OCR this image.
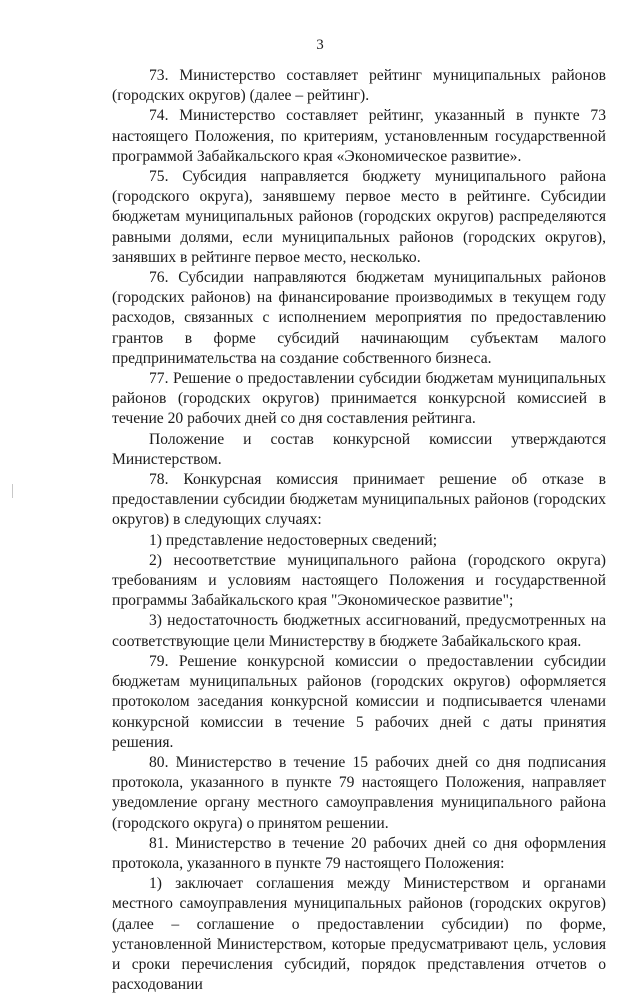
3

73. Министерство составляет рейтинг муниципальных районов (городских округов) (далее – рейтинг).

74. Министерство составляет рейтинг, указанный в пункте 73 настоящего Положения, по критериям, установленным государственной программой Забайкальского края «Экономическое развитие».

75. Субсидия направляется бюджету муниципального района (городского округа), занявшему первое место в рейтинге. Субсидии бюджетам муниципальных районов (городских округов) распределяются равными долями, если муниципальных районов (городских округов), занявших в рейтинге первое место, несколько.

76. Субсидии направляются бюджетам муниципальных районов (городских районов) на финансирование производимых в текущем году расходов, связанных с исполнением мероприятия по предоставлению грантов в форме субсидий начинающим субъектам малого предпринимательства на создание собственного бизнеса.

77. Решение о предоставлении субсидии бюджетам муниципальных районов (городских округов) принимается конкурсной комиссией в течение 20 рабочих дней со дня составления рейтинга.

Положение и состав конкурсной комиссии утверждаются Министерством.

78. Конкурсная комиссия принимает решение об отказе в предоставлении субсидии бюджетам муниципальных районов (городских округов) в следующих случаях:

1) представление недостоверных сведений;

2) несоответствие муниципального района (городского округа) требованиям и условиям настоящего Положения и государственной программы Забайкальского края "Экономическое развитие";

3) недостаточность бюджетных ассигнований, предусмотренных на соответствующие цели Министерству в бюджете Забайкальского края.

79. Решение конкурсной комиссии о предоставлении субсидии бюджетам муниципальных районов (городских округов) оформляется протоколом заседания конкурсной комиссии и подписывается членами конкурсной комиссии в течение 5 рабочих дней с даты принятия решения.

80. Министерство в течение 15 рабочих дней со дня подписания протокола, указанного в пункте 79 настоящего Положения, направляет уведомление органу местного самоуправления муниципального района (городского округа) о принятом решении.

81. Министерство в течение 20 рабочих дней со дня оформления протокола, указанного в пункте 79 настоящего Положения:

1) заключает соглашения между Министерством и органами местного самоуправления муниципальных районов (городских округов) (далее – соглашение о предоставлении субсидии) по форме, установленной Министерством, которые предусматривают цель, условия и сроки перечисления субсидий, порядок представления отчетов о расходовании
